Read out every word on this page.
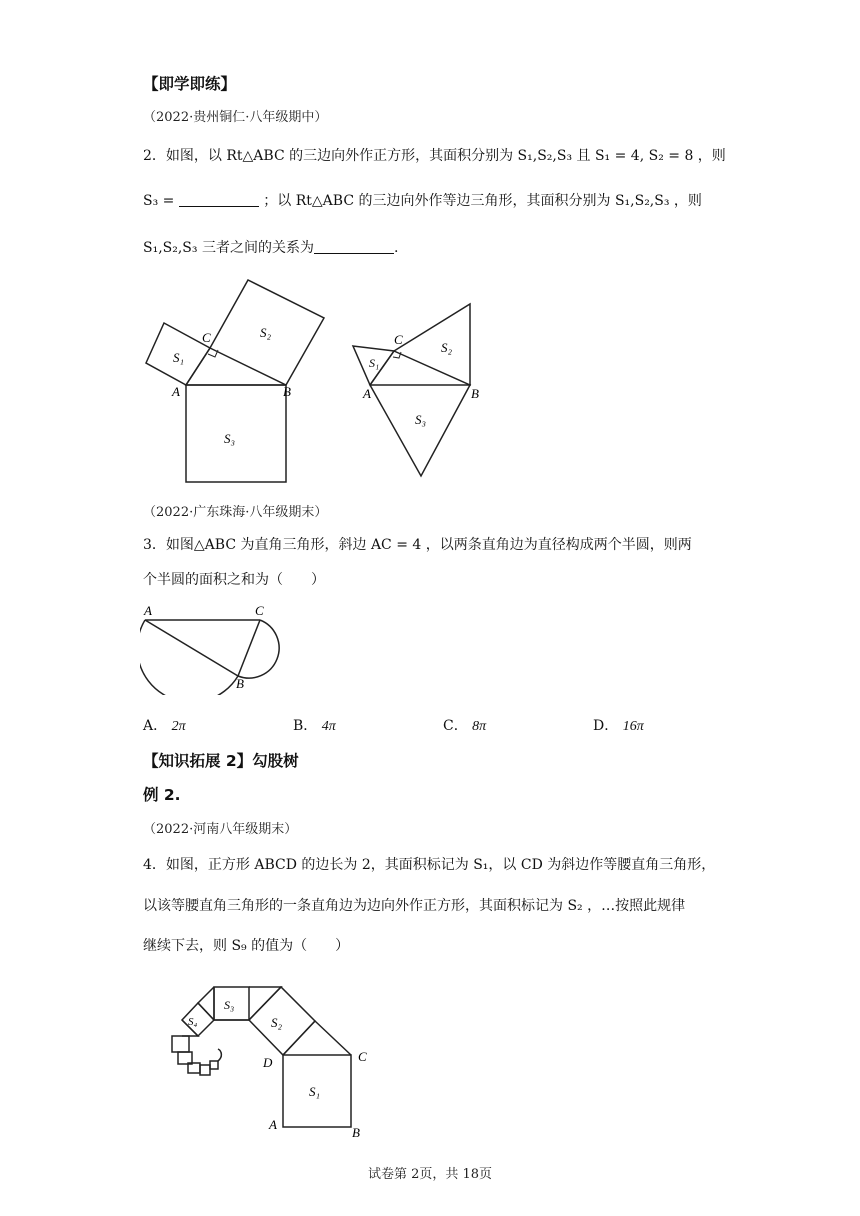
【即学即练】
（2022·贵州铜仁·八年级期中）
2．如图，以 Rt△ABC 的三边向外作正方形，其面积分别为 S₁,S₂,S₃ 且 S₁ = 4, S₂ = 8 ，则
S₃ =	；以 Rt△ABC 的三边向外作等边三角形，其面积分别为 S₁,S₂,S₃ ，则
S₁,S₂,S₃ 三者之间的关系为	.
A	B
C
S₁
S₂
S₃
A	B
C
S₁
S₂
S₃
（2022·广东珠海·八年级期末）
3．如图△ABC 为直角三角形，斜边 AC = 4 ，以两条直角边为直径构成两个半圆，则两
个半圆的面积之和为（　　）
A	C
B
A． 2π	B． 4π	C． 8π	D． 16π
【知识拓展 2】勾股树
例 2.
（2022·河南八年级期末）
4．如图，正方形 ABCD 的边长为 2，其面积标记为 S₁，以 CD 为斜边作等腰直角三角形，
以该等腰直角三角形的一条直角边为边向外作正方形，其面积标记为 S₂ ，…按照此规律
继续下去，则 S₉ 的值为（　　）
A
B
C
D
S₁
S₂
S₃
S₄
试卷第 2页，共 18页
